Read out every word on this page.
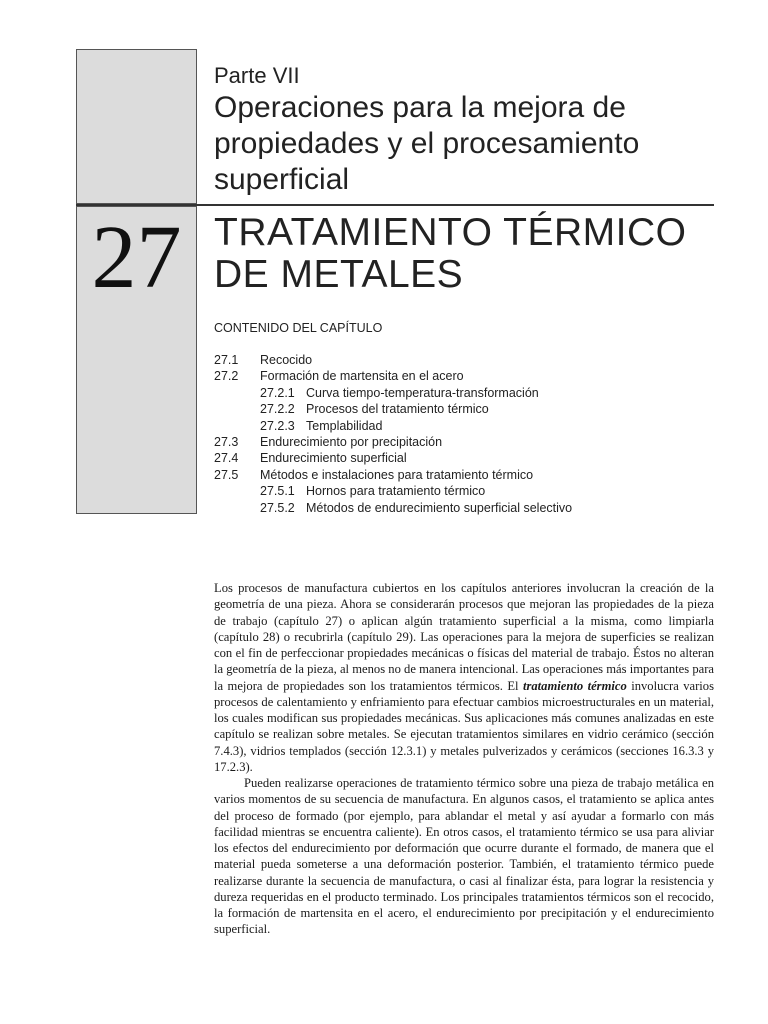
27
Parte VII
Operaciones para la mejora de propiedades y el procesamiento superficial
TRATAMIENTO TÉRMICO
DE METALES
CONTENIDO DEL CAPÍTULO
27.1 Recocido
27.2 Formación de martensita en el acero
27.2.1 Curva tiempo-temperatura-transformación
27.2.2 Procesos del tratamiento térmico
27.2.3 Templabilidad
27.3 Endurecimiento por precipitación
27.4 Endurecimiento superficial
27.5 Métodos e instalaciones para tratamiento térmico
27.5.1 Hornos para tratamiento térmico
27.5.2 Métodos de endurecimiento superficial selectivo

Los procesos de manufactura cubiertos en los capítulos anteriores involucran la creación de la geometría de una pieza. Ahora se considerarán procesos que mejoran las propiedades de la pieza de trabajo (capítulo 27) o aplican algún tratamiento superficial a la misma, como limpiarla (capítulo 28) o recubrirla (capítulo 29). Las operaciones para la mejora de superficies se realizan con el fin de perfeccionar propiedades mecánicas o físicas del material de trabajo. Éstos no alteran la geometría de la pieza, al menos no de manera intencional. Las operaciones más importantes para la mejora de propiedades son los tratamientos térmicos. El tratamiento térmico involucra varios procesos de calentamiento y enfriamiento para efectuar cambios microestructurales en un material, los cuales modifican sus propiedades mecánicas. Sus aplicaciones más comunes analizadas en este capítulo se realizan sobre metales. Se ejecutan tratamientos similares en vidrio cerámico (sección 7.4.3), vidrios templados (sección 12.3.1) y metales pulverizados y cerámicos (secciones 16.3.3 y 17.2.3).

Pueden realizarse operaciones de tratamiento térmico sobre una pieza de trabajo metálica en varios momentos de su secuencia de manufactura. En algunos casos, el tratamiento se aplica antes del proceso de formado (por ejemplo, para ablandar el metal y así ayudar a formarlo con más facilidad mientras se encuentra caliente). En otros casos, el tratamiento térmico se usa para aliviar los efectos del endurecimiento por deformación que ocurre durante el formado, de manera que el material pueda someterse a una deformación posterior. También, el tratamiento térmico puede realizarse durante la secuencia de manufactura, o casi al finalizar ésta, para lograr la resistencia y dureza requeridas en el producto terminado. Los principales tratamientos térmicos son el recocido, la formación de martensita en el acero, el endurecimiento por precipitación y el endurecimiento superficial.
